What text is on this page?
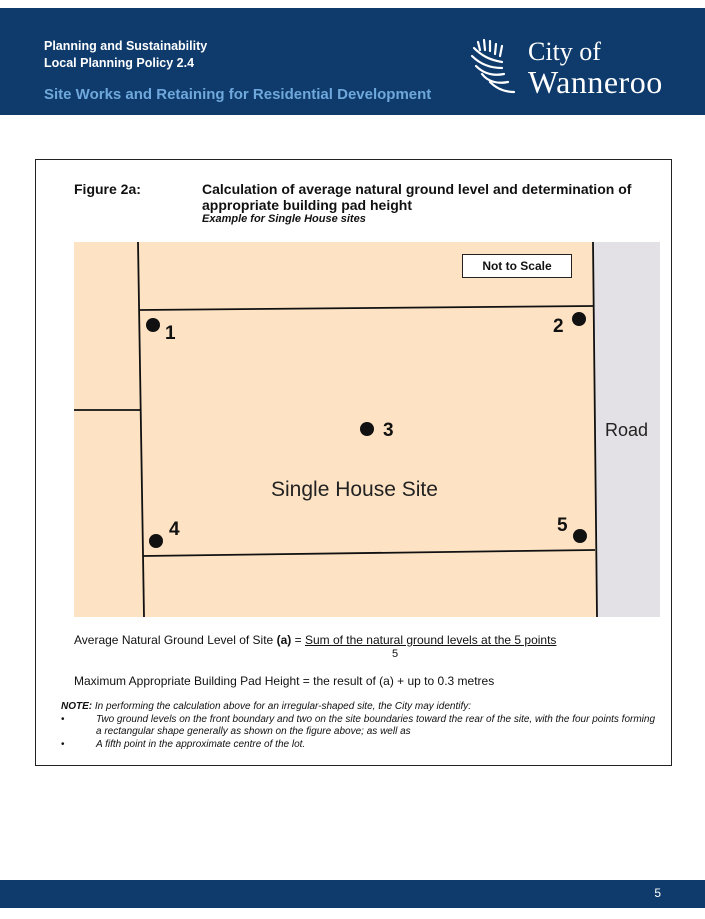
Planning and Sustainability
Local Planning Policy 2.4
Site Works and Retaining for Residential Development
City of
Wanneroo
Figure 2a:	Calculation of average natural ground level and determination of appropriate building pad height
Example for Single House sites
Not to Scale
1	2
3
4	5
Single House Site
Road
Average Natural Ground Level of Site (a) = Sum of the natural ground levels at the 5 points
5
Maximum Appropriate Building Pad Height = the result of (a) + up to 0.3 metres
NOTE: In performing the calculation above for an irregular-shaped site, the City may identify:
•	Two ground levels on the front boundary and two on the site boundaries toward the rear of the site, with the four points forming a rectangular shape generally as shown on the figure above; as well as
•	A fifth point in the approximate centre of the lot.
5
